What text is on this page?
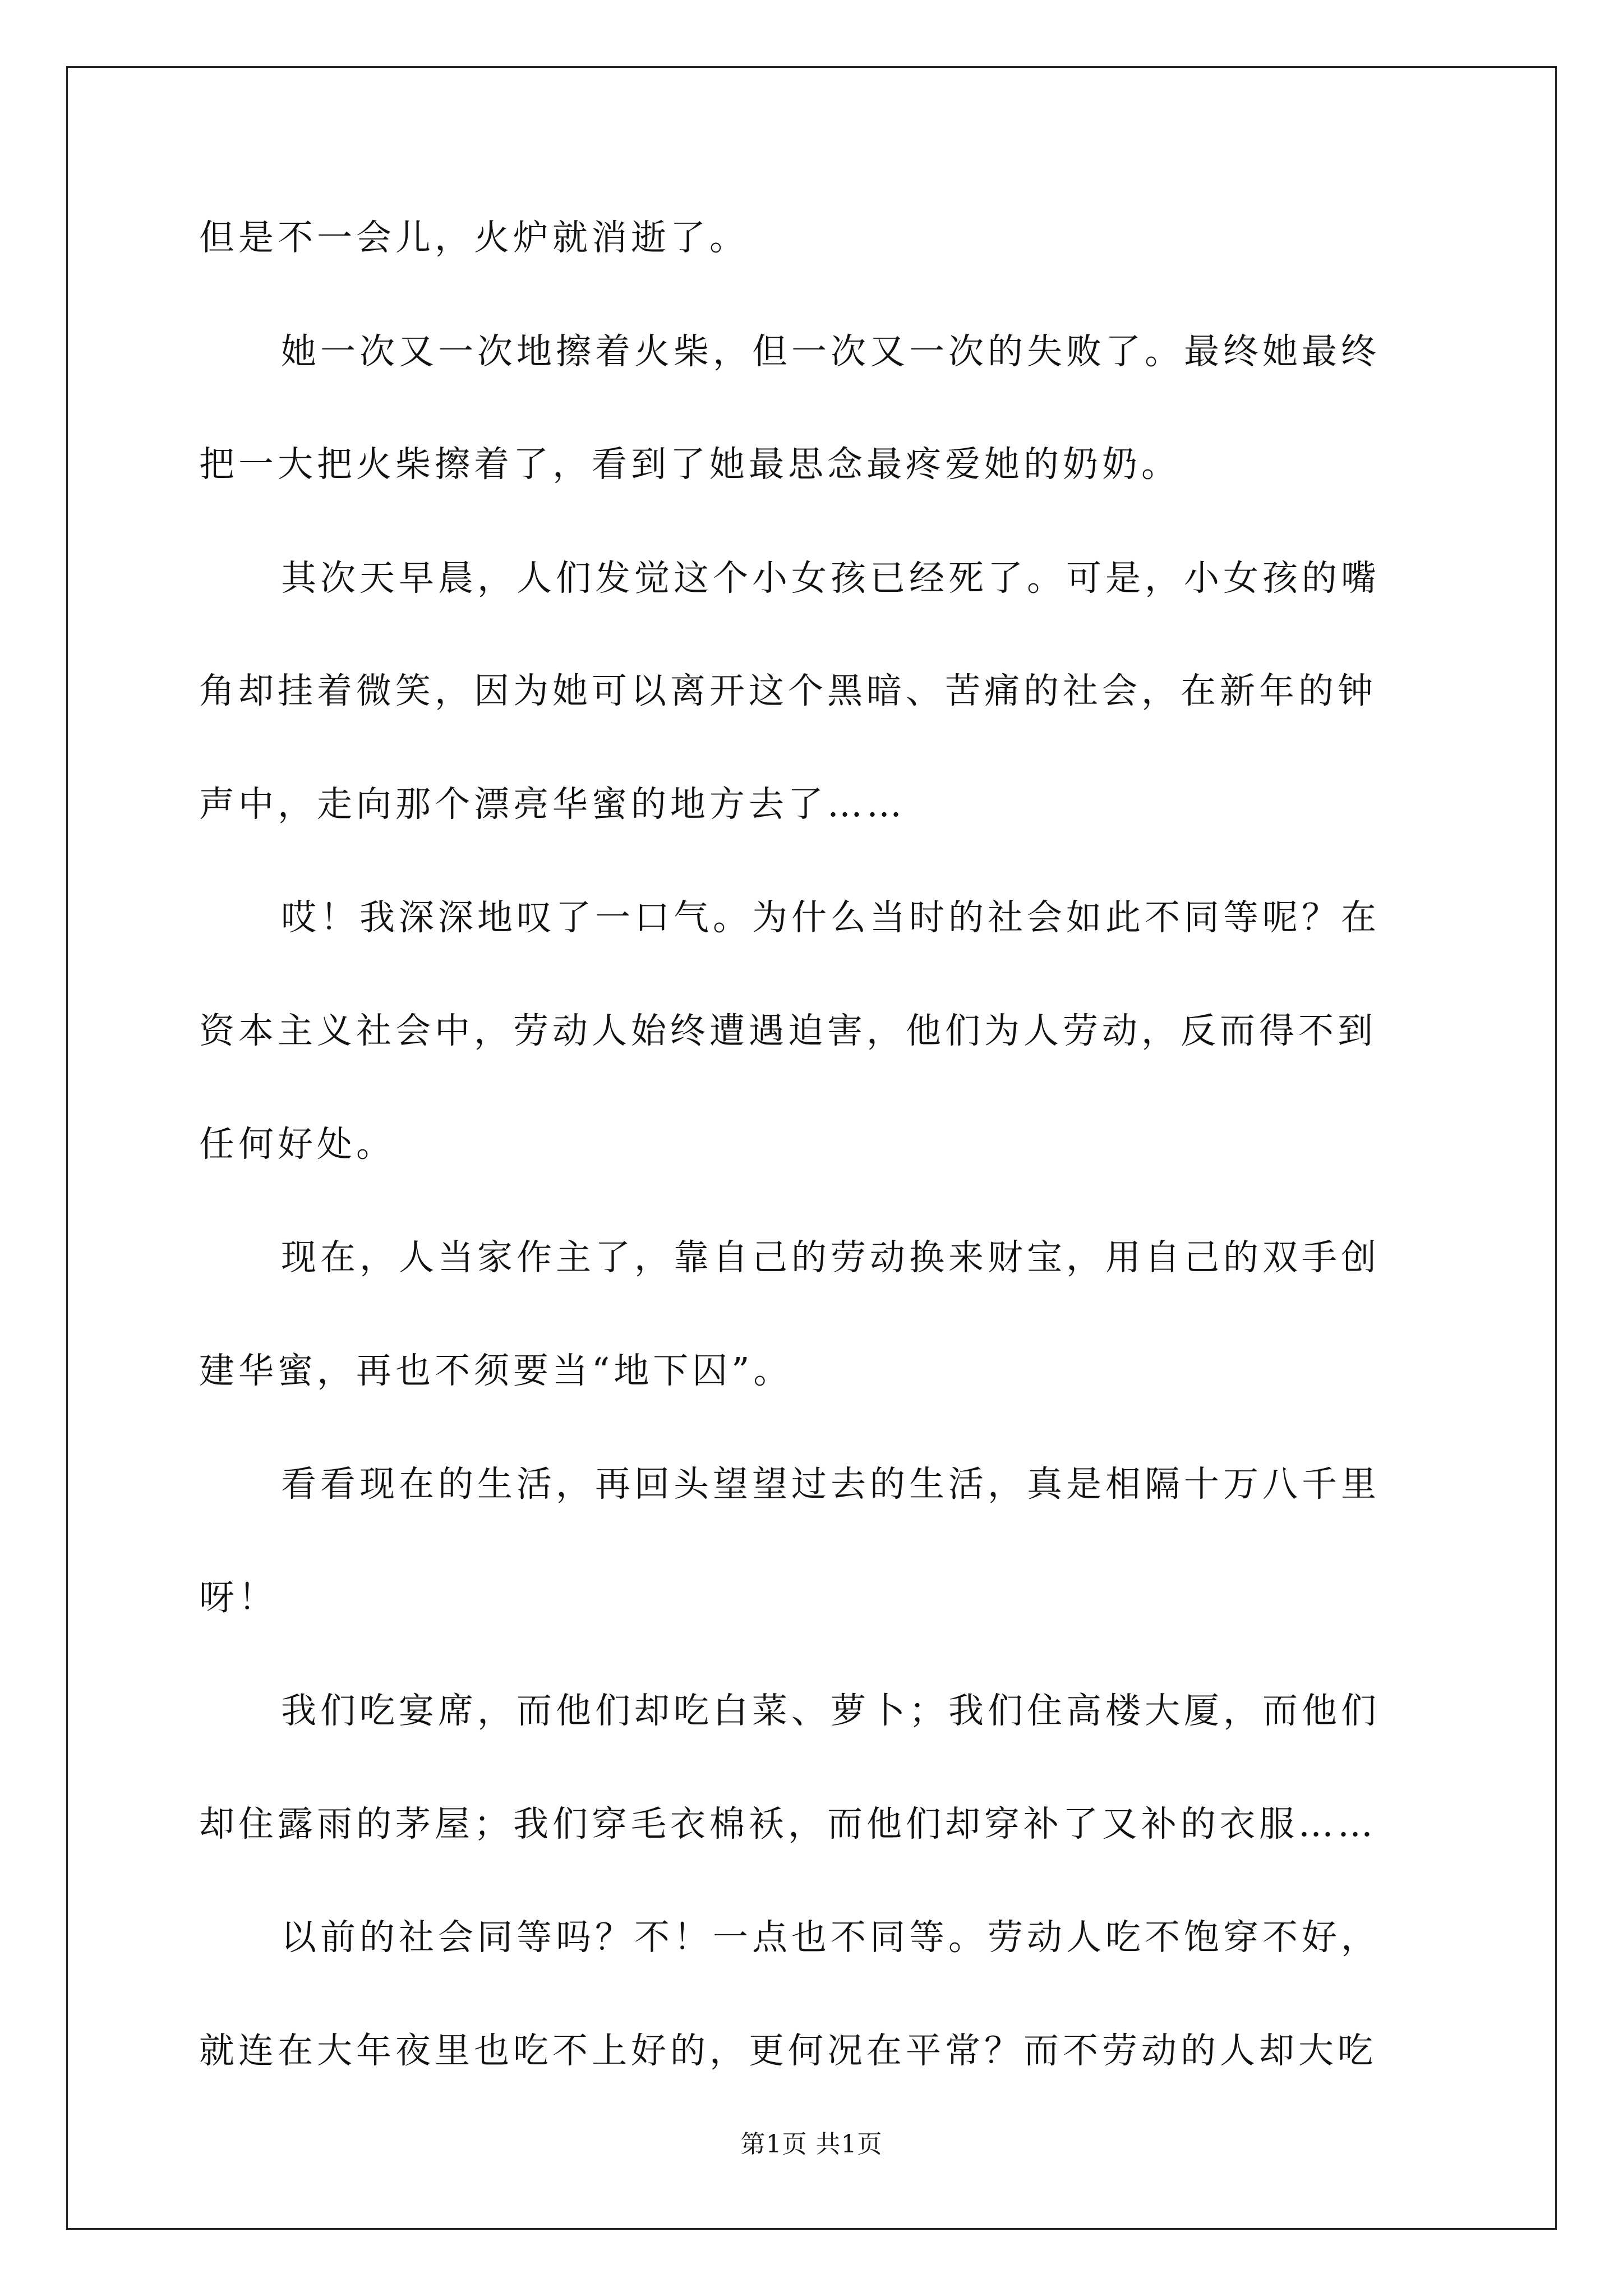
但是不一会儿，火炉就消逝了。
她一次又一次地擦着火柴，但一次又一次的失败了。最终她最终
把一大把火柴擦着了，看到了她最思念最疼爱她的奶奶。
其次天早晨，人们发觉这个小女孩已经死了。可是，小女孩的嘴
角却挂着微笑，因为她可以离开这个黑暗、苦痛的社会，在新年的钟
声中，走向那个漂亮华蜜的地方去了……
哎！我深深地叹了一口气。为什么当时的社会如此不同等呢？在
资本主义社会中，劳动人始终遭遇迫害，他们为人劳动，反而得不到
任何好处。
现在，人当家作主了，靠自己的劳动换来财宝，用自己的双手创
建华蜜，再也不须要当“地下囚”。
看看现在的生活，再回头望望过去的生活，真是相隔十万八千里
呀！
我们吃宴席，而他们却吃白菜、萝卜；我们住高楼大厦，而他们
却住露雨的茅屋；我们穿毛衣棉袄，而他们却穿补了又补的衣服……
以前的社会同等吗？不！一点也不同等。劳动人吃不饱穿不好，
就连在大年夜里也吃不上好的，更何况在平常？而不劳动的人却大吃
第1页 共1页
